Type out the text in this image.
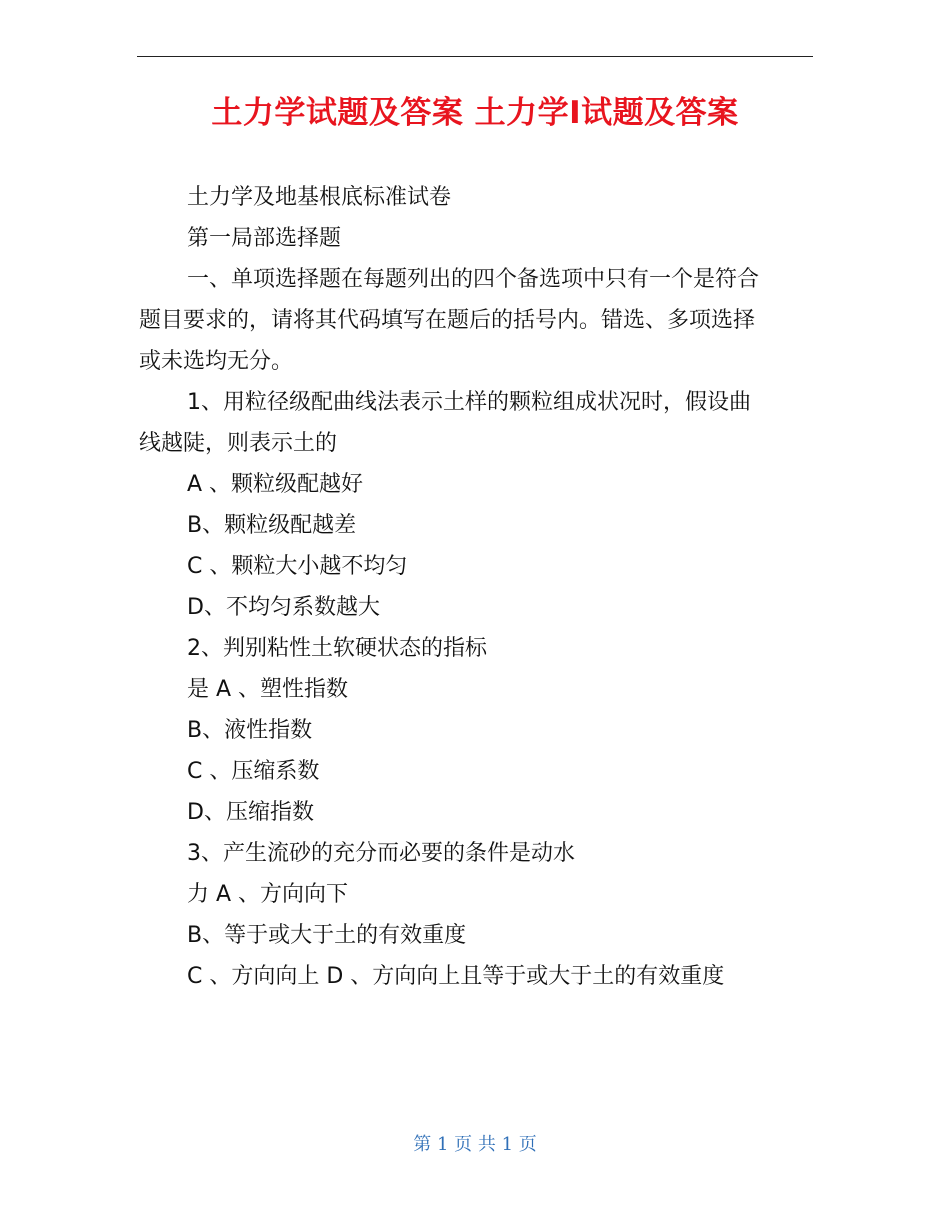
土力学试题及答案 土力学Ⅰ试题及答案
土力学及地基根底标准试卷
第一局部选择题
一、单项选择题在每题列出的四个备选项中只有一个是符合
题目要求的，请将其代码填写在题后的括号内。错选、多项选择
或未选均无分。
1、用粒径级配曲线法表示土样的颗粒组成状况时，假设曲
线越陡，则表示土的
A 、颗粒级配越好
B、颗粒级配越差
C 、颗粒大小越不均匀
D、不均匀系数越大
2、判别粘性土软硬状态的指标
是 A 、塑性指数
B、液性指数
C 、压缩系数
D、压缩指数
3、产生流砂的充分而必要的条件是动水
力 A 、方向向下
B、等于或大于土的有效重度
C 、方向向上 D 、方向向上且等于或大于土的有效重度
第 1 页 共 1 页
